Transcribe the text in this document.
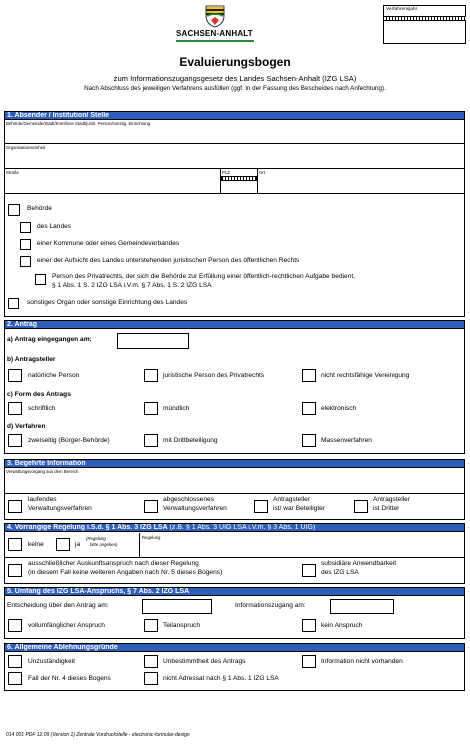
SACHSEN-ANHALT
Verfahrensjahr
Evaluierungsbogen
zum Informationszugangsgesetz des Landes Sachsen-Anhalt (IZG LSA)
Nach Abschluss des jeweiligen Verfahrens ausfüllen (ggf. in der Fassung des Bescheides nach Anfechtung).
1. Absender / Institution/ Stelle
Behörde/Gemeinde/Stadt/Kreisfreie Stadt/jurist. Person/sonstig. Einrichtung
Organisationseinheit
Straße	PLZ	Ort
Behörde
des Landes
einer Kommune oder eines Gemeindeverbandes
einer der Aufsicht des Landes unterstehenden juristischen Person des öffentlichen Rechts
Person des Privatrechts, der sich die Behörde zur Erfüllung einer öffentlich-rechtlichen Aufgabe bedient,
§ 1 Abs. 1 S. 2 IZG LSA i.V.m. § 7 Abs. 1 S. 2 IZG LSA
sonstiges Organ oder sonstige Einrichtung des Landes
2. Antrag
a) Antrag eingegangen am:
b) Antragsteller
natürliche Person	juristische Person des Privatrechts	nicht rechtsfähige Vereinigung
c) Form des Antrags
schriftlich	mündlich	elektronisch
d) Verfahren
zweiseitig (Bürger-Behörde)	mit Drittbeteiligung	Massenverfahren
3. Begehrte Information
Verwaltungsvorgang aus dem Bereich
laufendes
Verwaltungsverfahren
abgeschlossenes
Verwaltungsverfahren
Antragsteller
ist/ war Beteiligter
Antragsteller
ist Dritter
4. Vorrangige Regelung i.S.d. § 1 Abs. 3 IZG LSA (z.B. § 1 Abs. 3 UIG LSA i.V.m. § 3 Abs. 1 UIG)
keine	ja
(Regelung
bitte angeben)
Regelung
ausschließlicher Auskunftsanspruch nach dieser Regelung
(in diesem Fall keine weiteren Angaben nach Nr. 5 dieses Bogens)
subsidiäre Anwendbarkeit
des IZG LSA
5. Umfang des IZG LSA-Anspruchs, § 7 Abs. 2 IZG LSA
Entscheidung über den Antrag am:	Informationszugang am:
vollumfänglicher Anspruch	Teilanspruch	kein Anspruch
6. Allgemeine Ablehnungsgründe
Unzuständigkeit	Unbestimmtheit des Antrags	Information nicht vorhanden
Fall der Nr. 4 dieses Bogens	nicht Adressat nach § 1 Abs. 1 IZG LSA
014 001 PDF 12.09 (Version 1) Zentrale Vordruckstelle - electronic-formular-design
